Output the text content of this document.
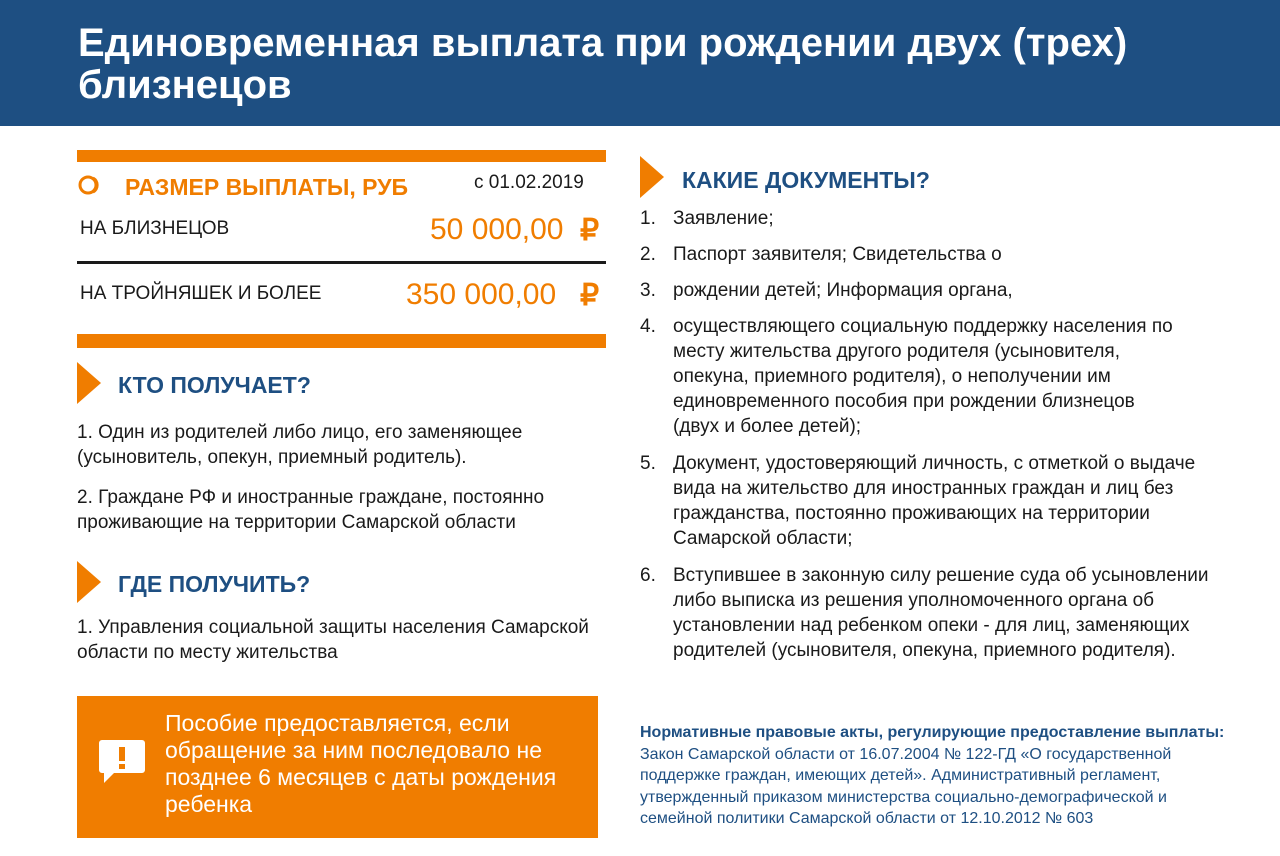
Единовременная выплата при рождении двух (трех) близнецов
РАЗМЕР ВЫПЛАТЫ, РУБ	с 01.02.2019
НА БЛИЗНЕЦОВ	50 000,00 ₽
НА ТРОЙНЯШЕК И БОЛЕЕ	350 000,00 ₽
КТО ПОЛУЧАЕТ?
1. Один из родителей либо лицо, его заменяющее (усыновитель, опекун, приемный родитель).
2. Граждане РФ и иностранные граждане, постоянно проживающие на территории Самарской области
ГДЕ ПОЛУЧИТЬ?
1. Управления социальной защиты населения Самарской области по месту жительства
Пособие предоставляется, если обращение за ним последовало не позднее 6 месяцев с даты рождения ребенка
КАКИЕ ДОКУМЕНТЫ?
1. Заявление;
2. Паспорт заявителя; Свидетельства о
3. рождении детей; Информация органа,
4. осуществляющего социальную поддержку населения по месту жительства другого родителя (усыновителя, опекуна, приемного родителя), о неполучении им единовременного пособия при рождении близнецов (двух и более детей);
5. Документ, удостоверяющий личность, с отметкой о выдаче вида на жительство для иностранных граждан и лиц без гражданства, постоянно проживающих на территории Самарской области;
6. Вступившее в законную силу решение суда об усыновлении либо выписка из решения уполномоченного органа об установлении над ребенком опеки - для лиц, заменяющих родителей (усыновителя, опекуна, приемного родителя).
Нормативные правовые акты, регулирующие предоставление выплаты: Закон Самарской области от 16.07.2004 № 122-ГД «О государственной поддержке граждан, имеющих детей». Административный регламент, утвержденный приказом министерства социально-демографической и семейной политики Самарской области от 12.10.2012 № 603
